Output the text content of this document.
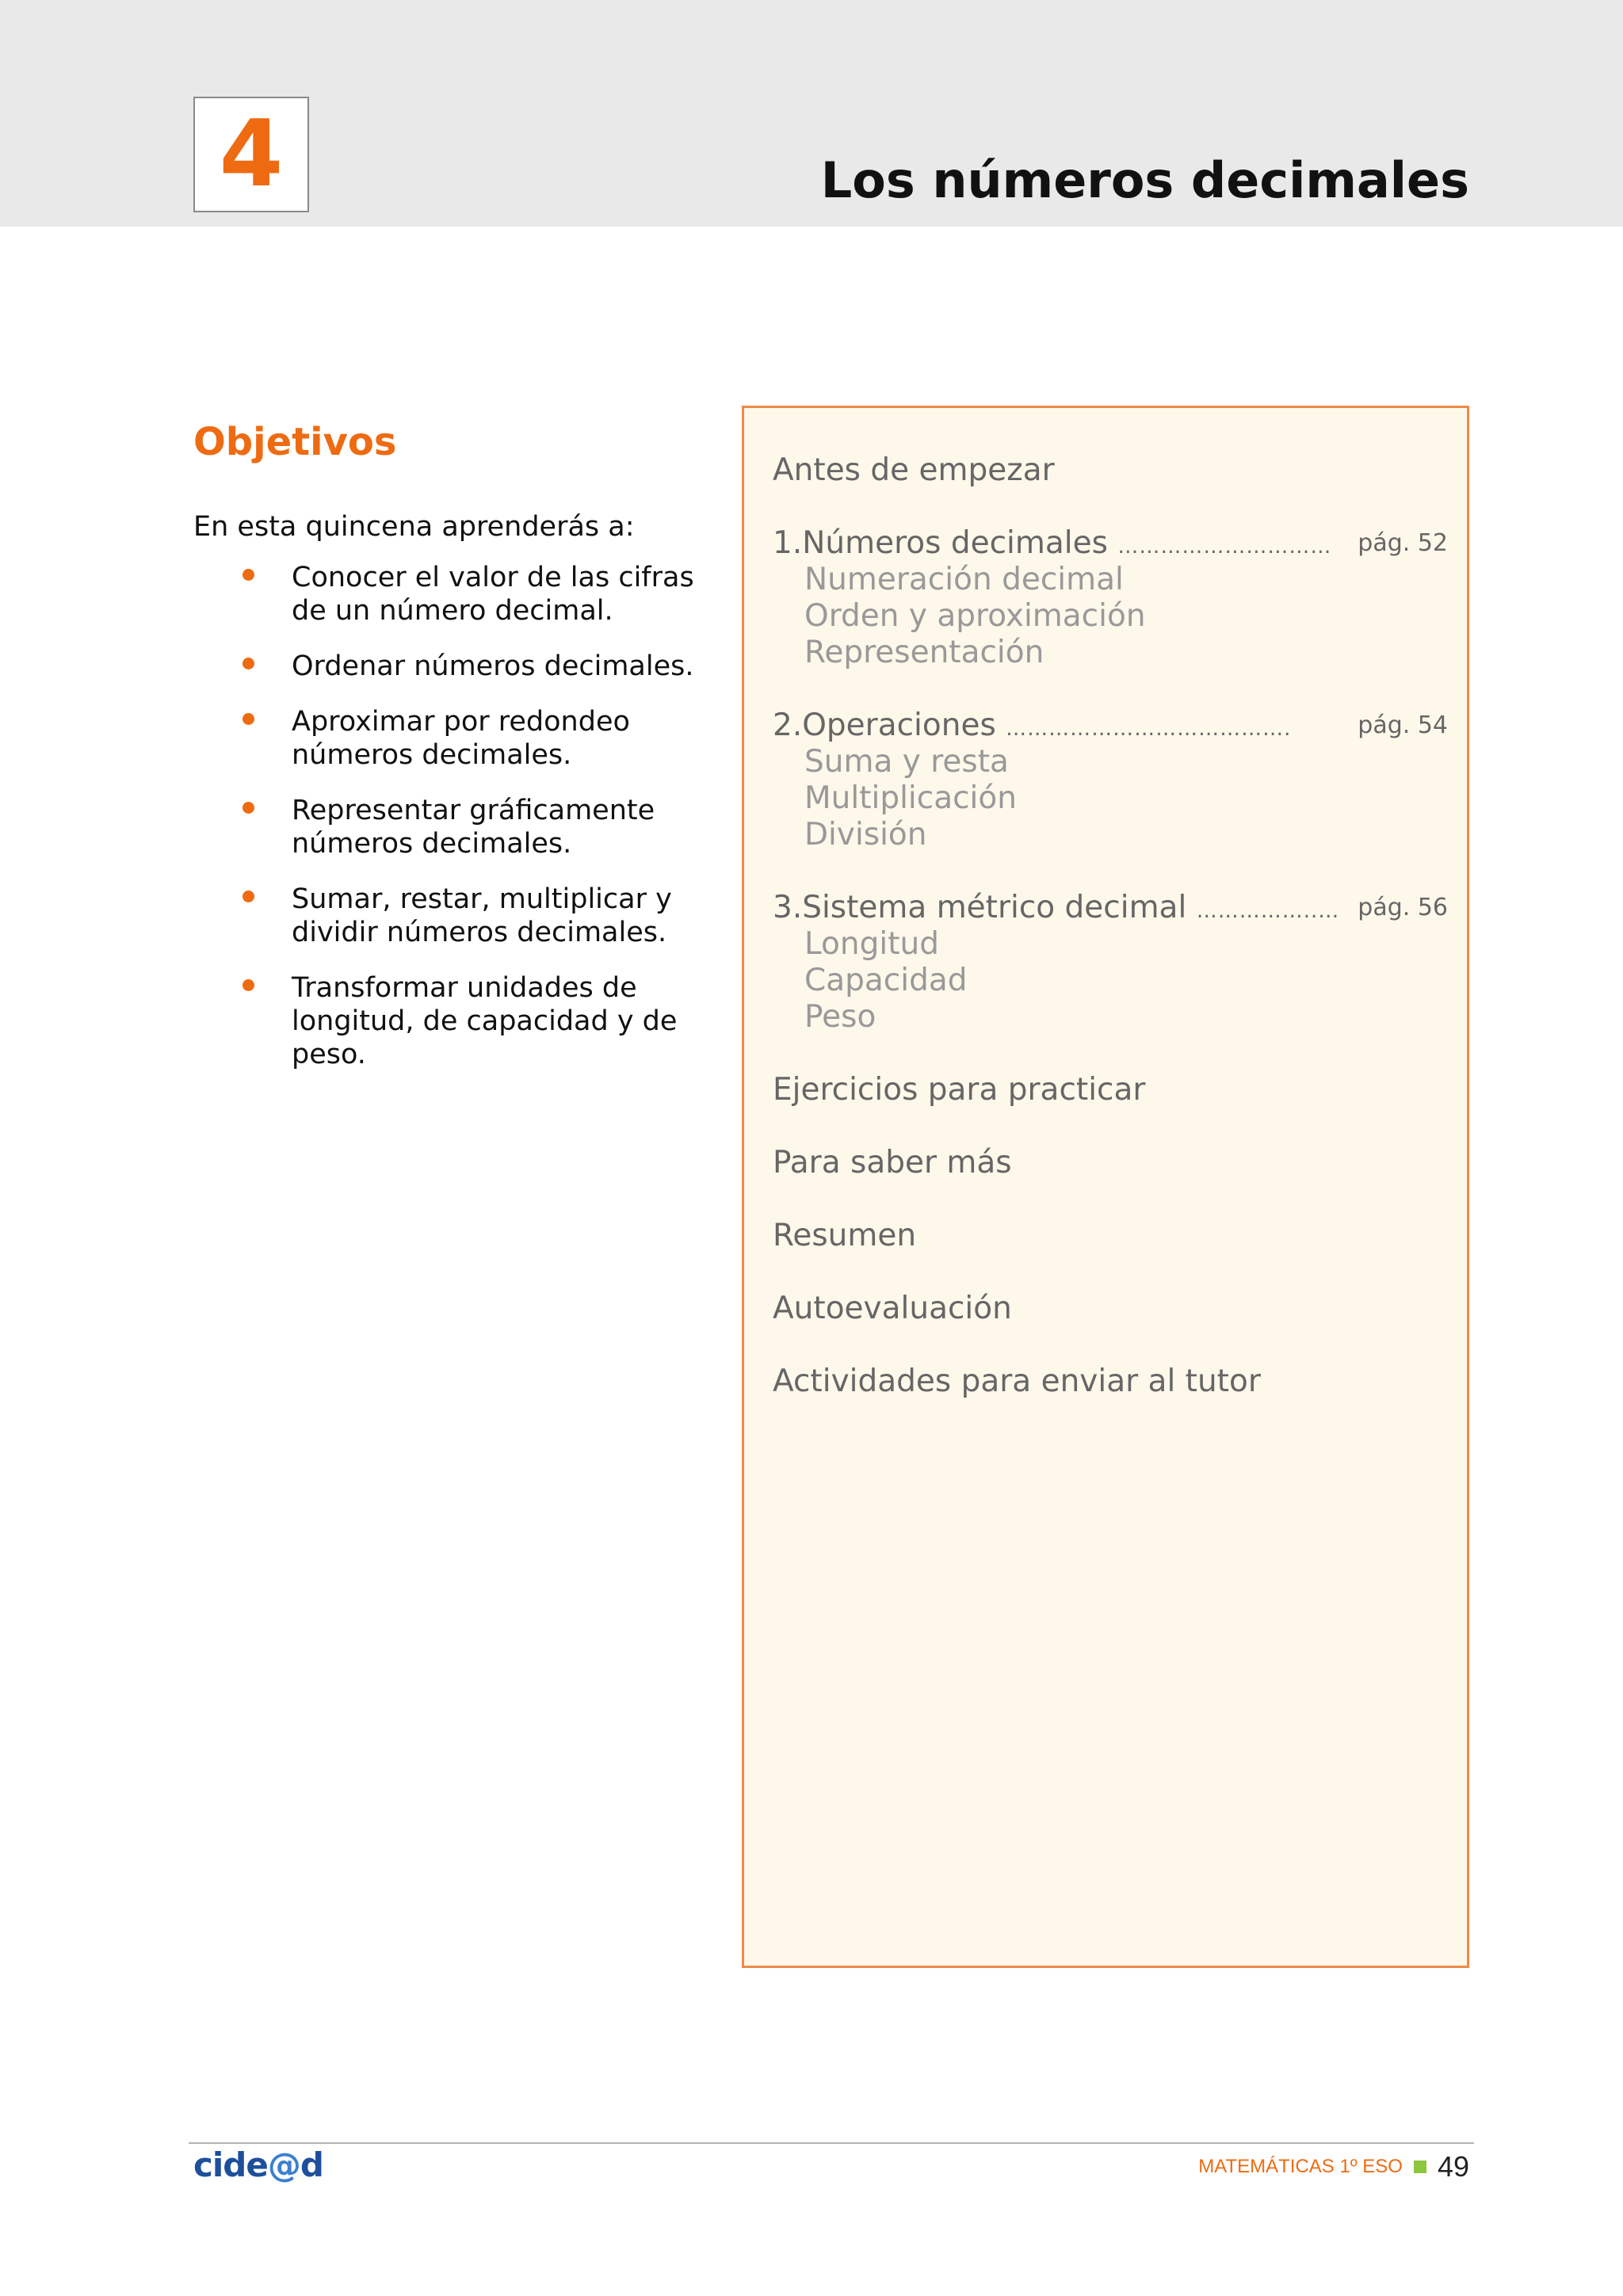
4	Los números decimales
Objetivos
En esta quincena aprenderás a:
Conocer el valor de las cifras de un número decimal.
Ordenar números decimales.
Aproximar por redondeo números decimales.
Representar gráficamente números decimales.
Sumar, restar, multiplicar y dividir números decimales.
Transformar unidades de longitud, de capacidad y de peso.
Antes de empezar
1.Números decimales ………………………… pág. 52
Numeración decimal
Orden y aproximación
Representación
2.Operaciones ………………………………….	pág. 54
Suma y resta
Multiplicación
División
3.Sistema métrico decimal ……………..… pág. 56
Longitud
Capacidad
Peso
Ejercicios para practicar
Para saber más
Resumen
Autoevaluación
Actividades para enviar al tutor
cide@d	MATEMÁTICAS 1º ESO 49
